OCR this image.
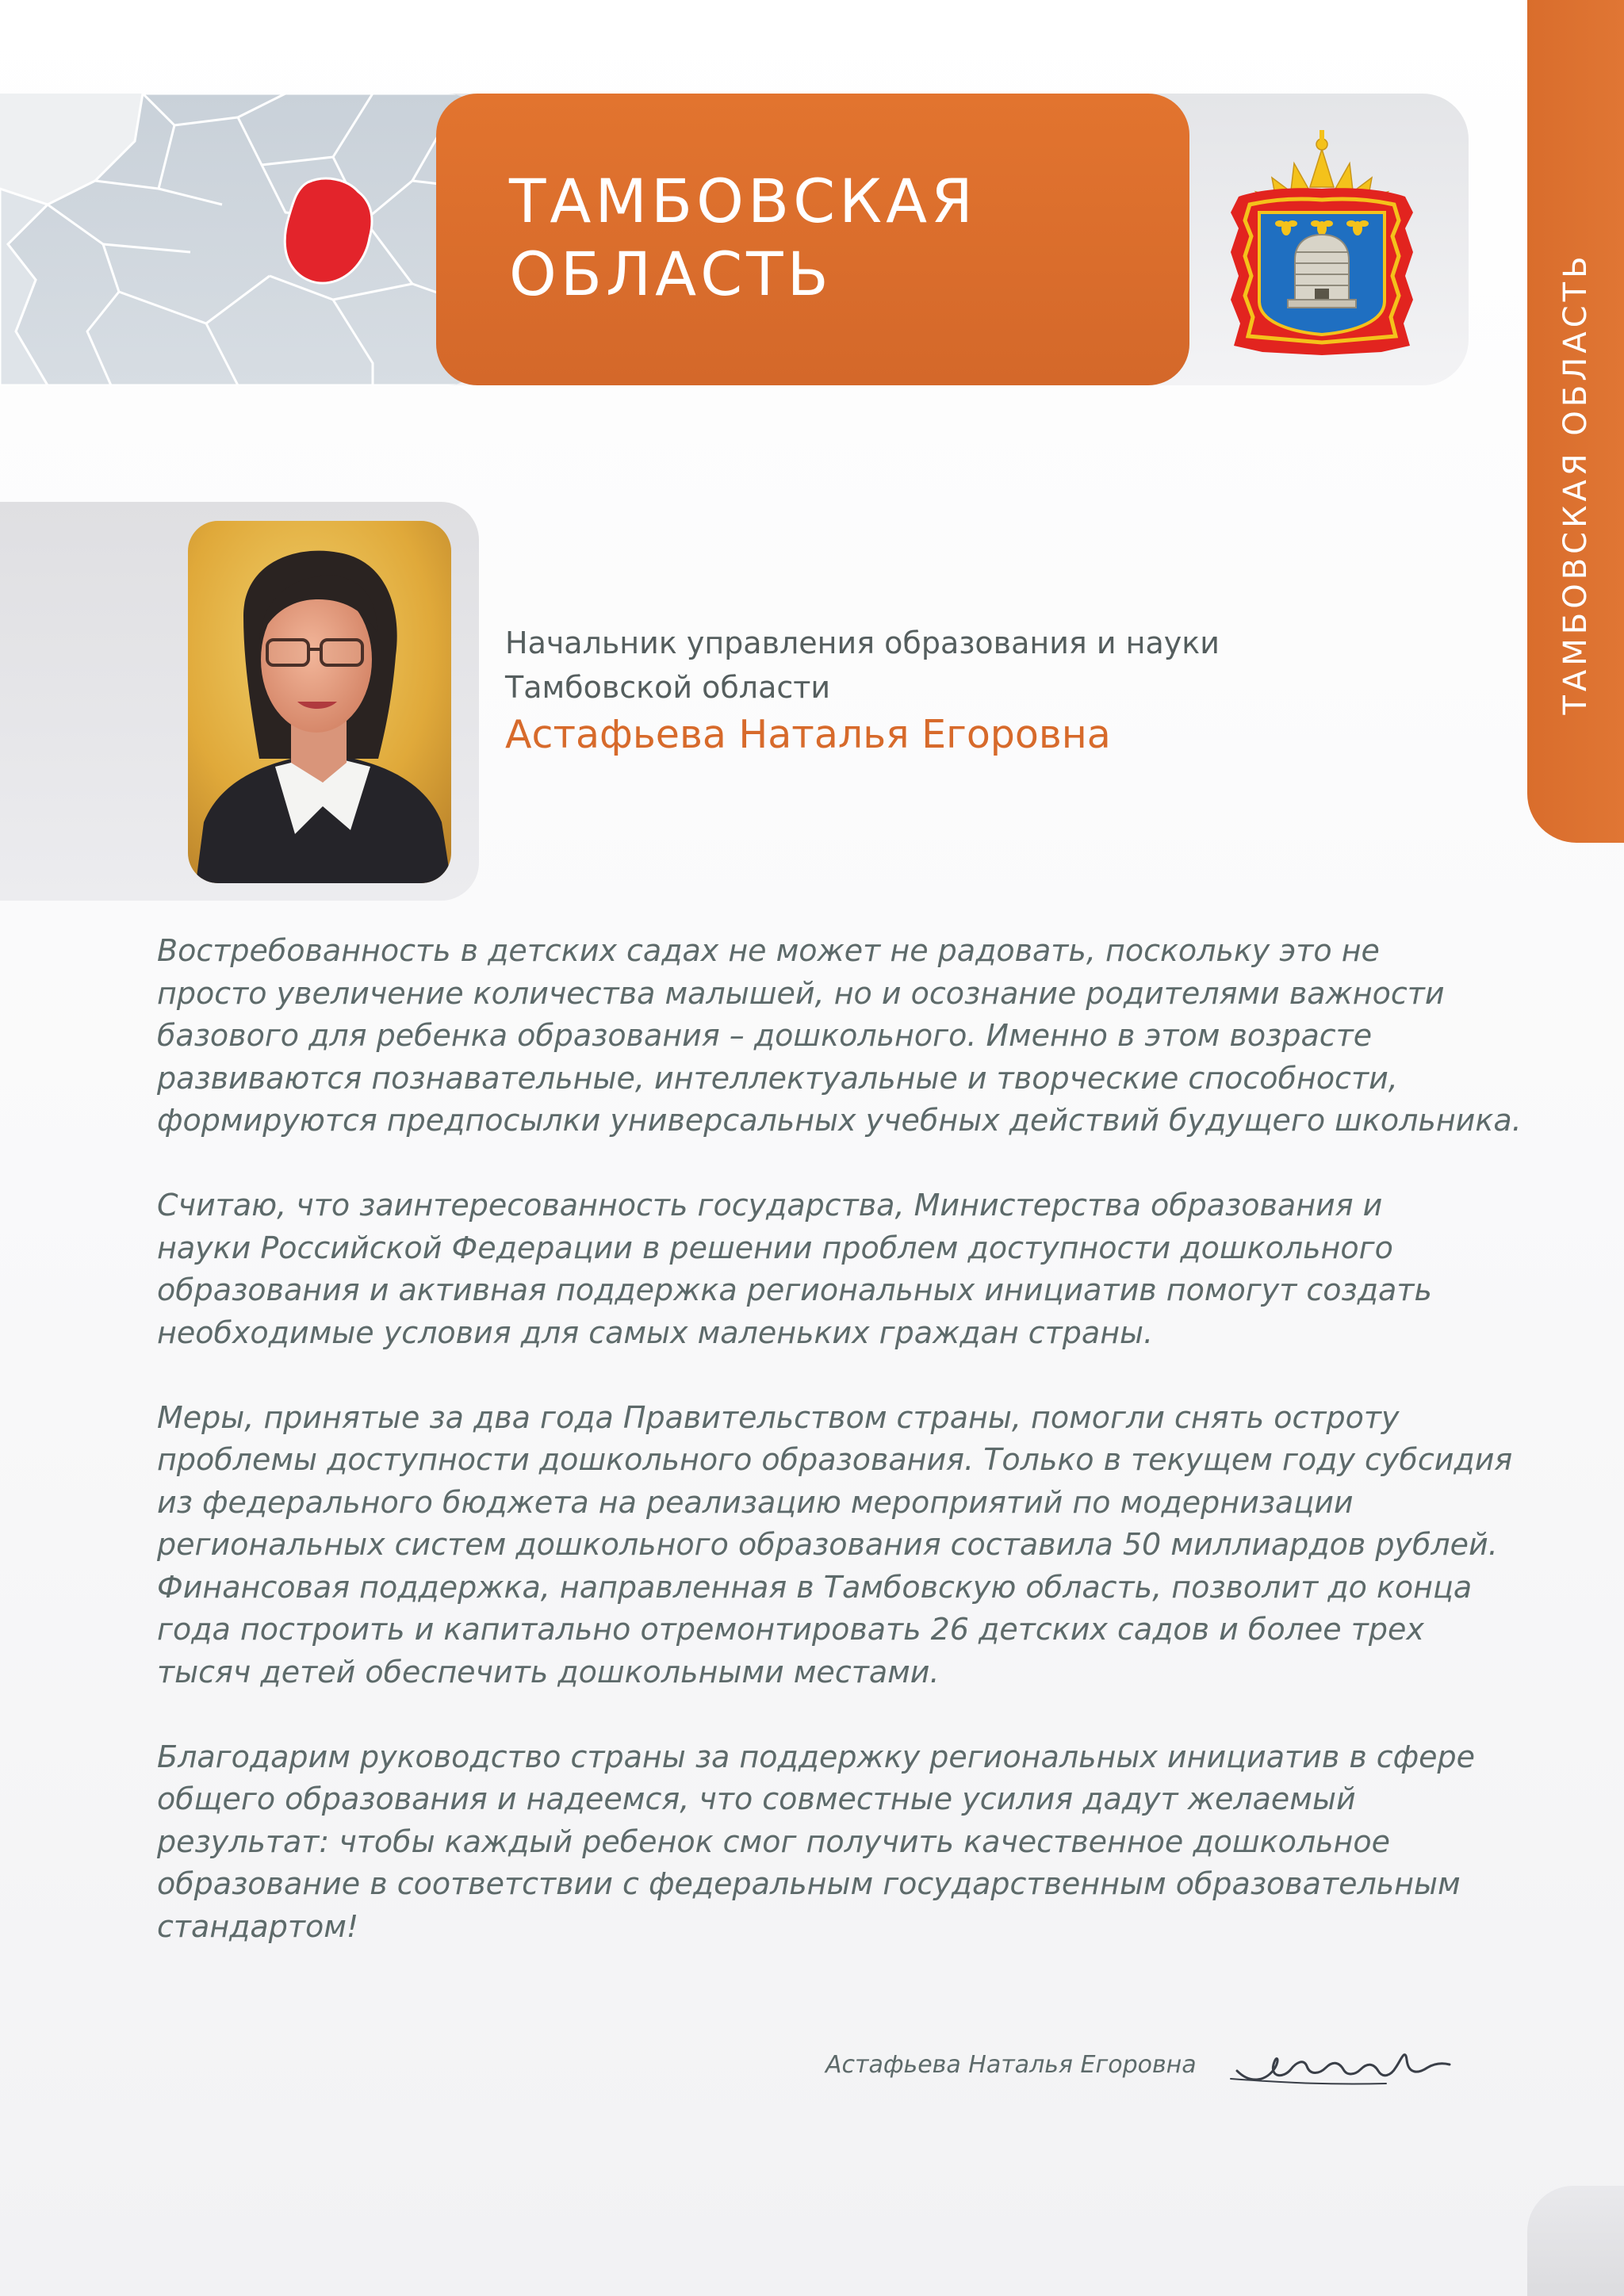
ТАМБОВСКАЯ
ОБЛАСТЬ	ТАМБОВСКАЯ ОБЛАСТЬ
Начальник управления образования и науки
Тамбовской области
Астафьева Наталья Егоровна

Востребованность в детских садах не может не радовать, поскольку это не
просто увеличение количества малышей, но и осознание родителями важности
базового для ребенка образования – дошкольного. Именно в этом возрасте
развиваются познавательные, интеллектуальные и творческие способности,
формируются предпосылки универсальных учебных действий будущего школьника.

Считаю, что заинтересованность государства, Министерства образования и
науки Российской Федерации в решении проблем доступности дошкольного
образования и активная поддержка региональных инициатив помогут создать
необходимые условия для самых маленьких граждан страны.

Меры, принятые за два года Правительством страны, помогли снять остроту
проблемы доступности дошкольного образования. Только в текущем году субсидия
из федерального бюджета на реализацию мероприятий по модернизации
региональных систем дошкольного образования составила 50 миллиардов рублей.
Финансовая поддержка, направленная в Тамбовскую область, позволит до конца
года построить и капитально отремонтировать 26 детских садов и более трех
тысяч детей обеспечить дошкольными местами.

Благодарим руководство страны за поддержку региональных инициатив в сфере
общего образования и надеемся, что совместные усилия дадут желаемый
результат: чтобы каждый ребенок смог получить качественное дошкольное
образование в соответствии с федеральным государственным образовательным
стандартом!

Астафьева Наталья Егоровна
